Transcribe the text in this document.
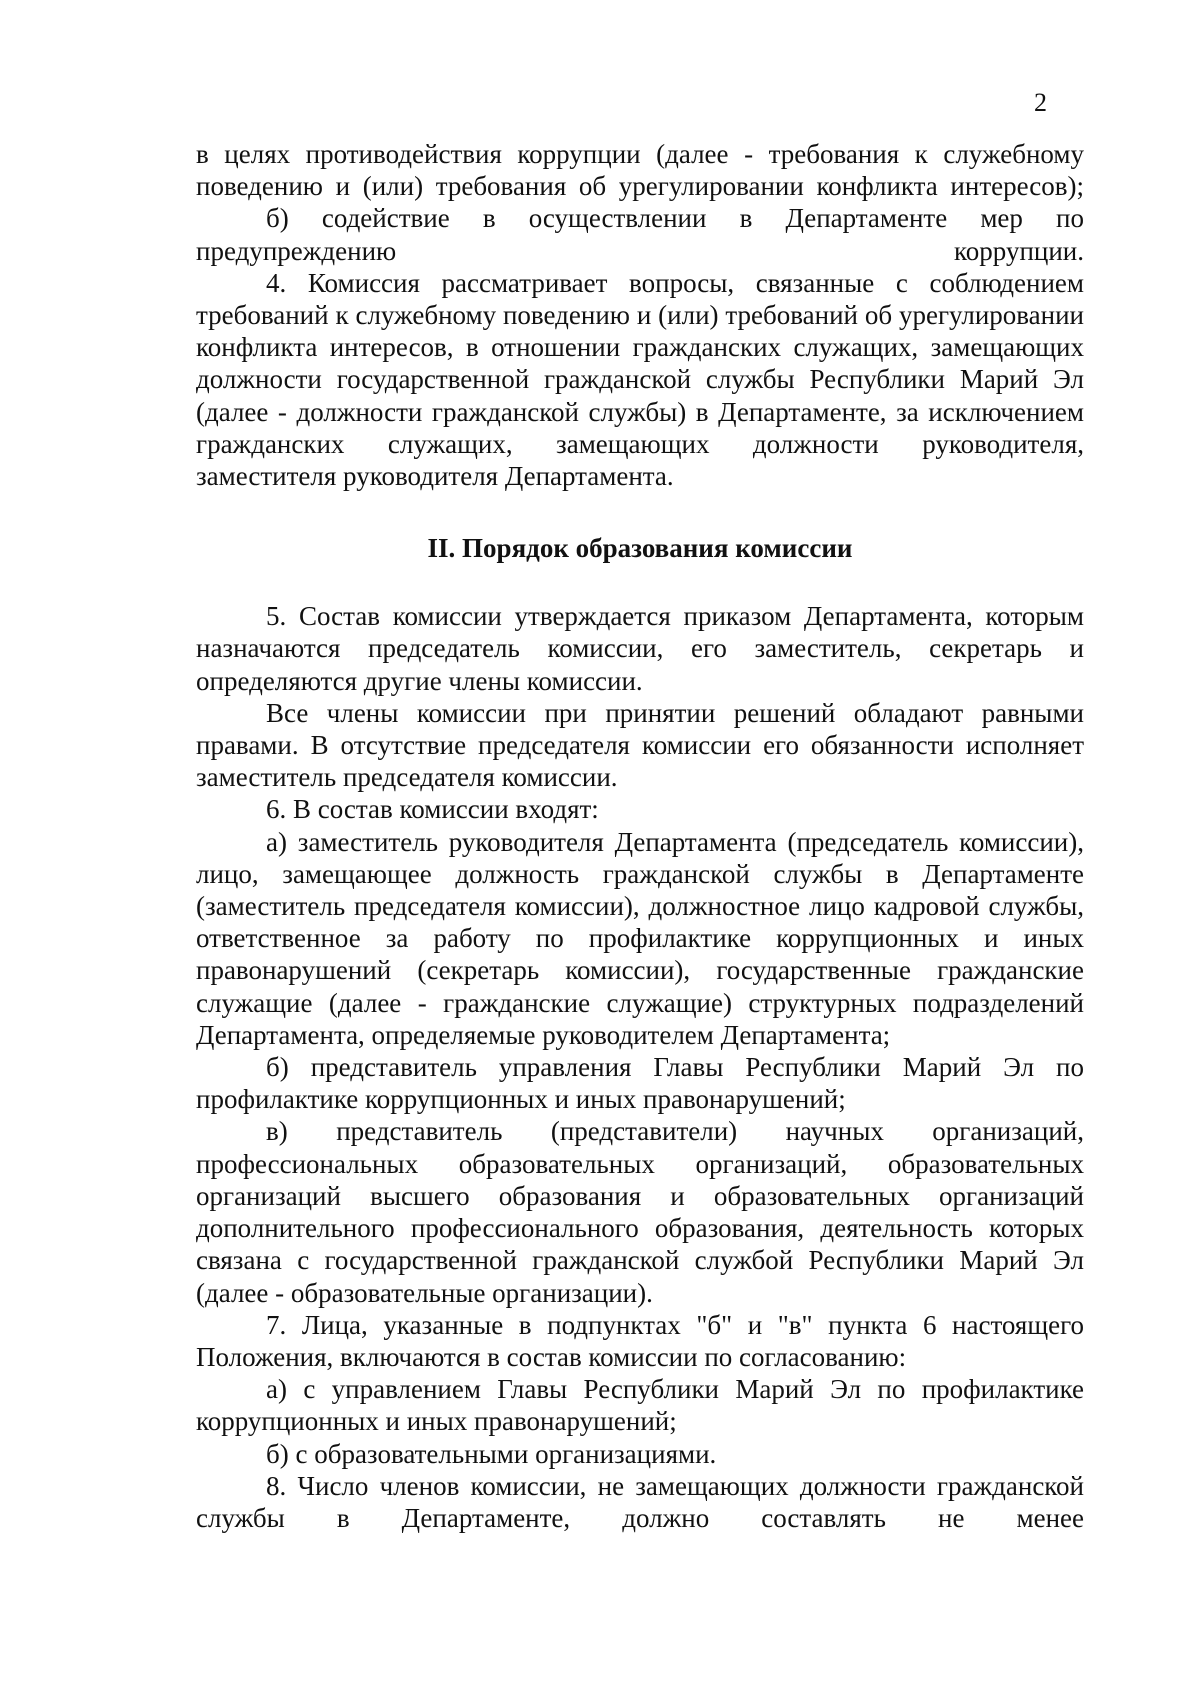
2

в целях противодействия коррупции (далее - требования к служебному поведению и (или) требования об урегулировании конфликта интересов);

б) содействие в осуществлении в Департаменте мер по предупреждению коррупции.

4. Комиссия рассматривает вопросы, связанные с соблюдением требований к служебному поведению и (или) требований об урегулировании конфликта интересов, в отношении гражданских служащих, замещающих должности государственной гражданской службы Республики Марий Эл (далее - должности гражданской службы) в Департаменте, за исключением гражданских служащих, замещающих должности руководителя, заместителя руководителя Департамента.

II. Порядок образования комиссии

5. Состав комиссии утверждается приказом Департамента, которым назначаются председатель комиссии, его заместитель, секретарь и определяются другие члены комиссии.

Все члены комиссии при принятии решений обладают равными правами. В отсутствие председателя комиссии его обязанности исполняет заместитель председателя комиссии.

6. В состав комиссии входят:

а) заместитель руководителя Департамента (председатель комиссии), лицо, замещающее должность гражданской службы в Департаменте (заместитель председателя комиссии), должностное лицо кадровой службы, ответственное за работу по профилактике коррупционных и иных правонарушений (секретарь комиссии), государственные гражданские служащие (далее - гражданские служащие) структурных подразделений Департамента, определяемые руководителем Департамента;

б) представитель управления Главы Республики Марий Эл по профилактике коррупционных и иных правонарушений;

в) представитель (представители) научных организаций, профессиональных образовательных организаций, образовательных организаций высшего образования и образовательных организаций дополнительного профессионального образования, деятельность которых связана с государственной гражданской службой Республики Марий Эл (далее - образовательные организации).

7. Лица, указанные в подпунктах "б" и "в" пункта 6 настоящего Положения, включаются в состав комиссии по согласованию:

а) с управлением Главы Республики Марий Эл по профилактике коррупционных и иных правонарушений;

б) с образовательными организациями.

8. Число членов комиссии, не замещающих должности гражданской службы в Департаменте, должно составлять не менее
